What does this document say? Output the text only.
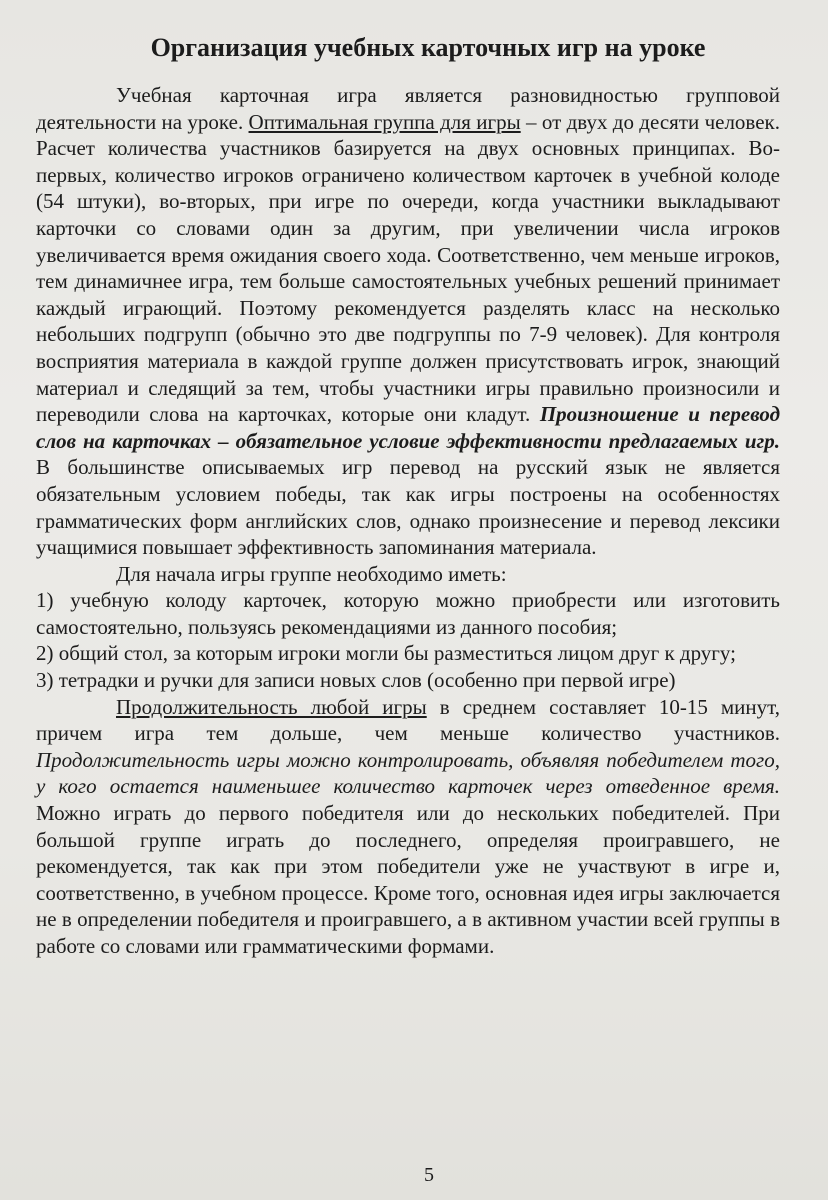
Организация учебных карточных игр на уроке

Учебная карточная игра является разновидностью групповой деятельности на уроке. Оптимальная группа для игры – от двух до десяти человек. Расчет количества участников базируется на двух основных принципах. Во-первых, количество игроков ограничено количеством карточек в учебной колоде (54 штуки), во-вторых, при игре по очереди, когда участники выкладывают карточки со словами один за другим, при увеличении числа игроков увеличивается время ожидания своего хода. Соответственно, чем меньше игроков, тем динамичнее игра, тем больше самостоятельных учебных решений принимает каждый играющий. Поэтому рекомендуется разделять класс на несколько небольших подгрупп (обычно это две подгруппы по 7-9 человек). Для контроля восприятия материала в каждой группе должен присутствовать игрок, знающий материал и следящий за тем, чтобы участники игры правильно произносили и переводили слова на карточках, которые они кладут. Произношение и перевод слов на карточках – обязательное условие эффективности предлагаемых игр. В большинстве описываемых игр перевод на русский язык не является обязательным условием победы, так как игры построены на особенностях грамматических форм английских слов, однако произнесение и перевод лексики учащимися повышает эффективность запоминания материала.

Для начала игры группе необходимо иметь:

1) учебную колоду карточек, которую можно приобрести или изготовить самостоятельно, пользуясь рекомендациями из данного пособия;

2) общий стол, за которым игроки могли бы разместиться лицом друг к другу;

3) тетрадки и ручки для записи новых слов (особенно при первой игре)

Продолжительность любой игры в среднем составляет 10-15 минут, причем игра тем дольше, чем меньше количество участников. Продолжительность игры можно контролировать, объявляя победителем того, у кого остается наименьшее количество карточек через отведенное время. Можно играть до первого победителя или до нескольких победителей. При большой группе играть до последнего, определяя проигравшего, не рекомендуется, так как при этом победители уже не участвуют в игре и, соответственно, в учебном процессе. Кроме того, основная идея игры заключается не в определении победителя и проигравшего, а в активном участии всей группы в работе со словами или грамматическими формами.

5
